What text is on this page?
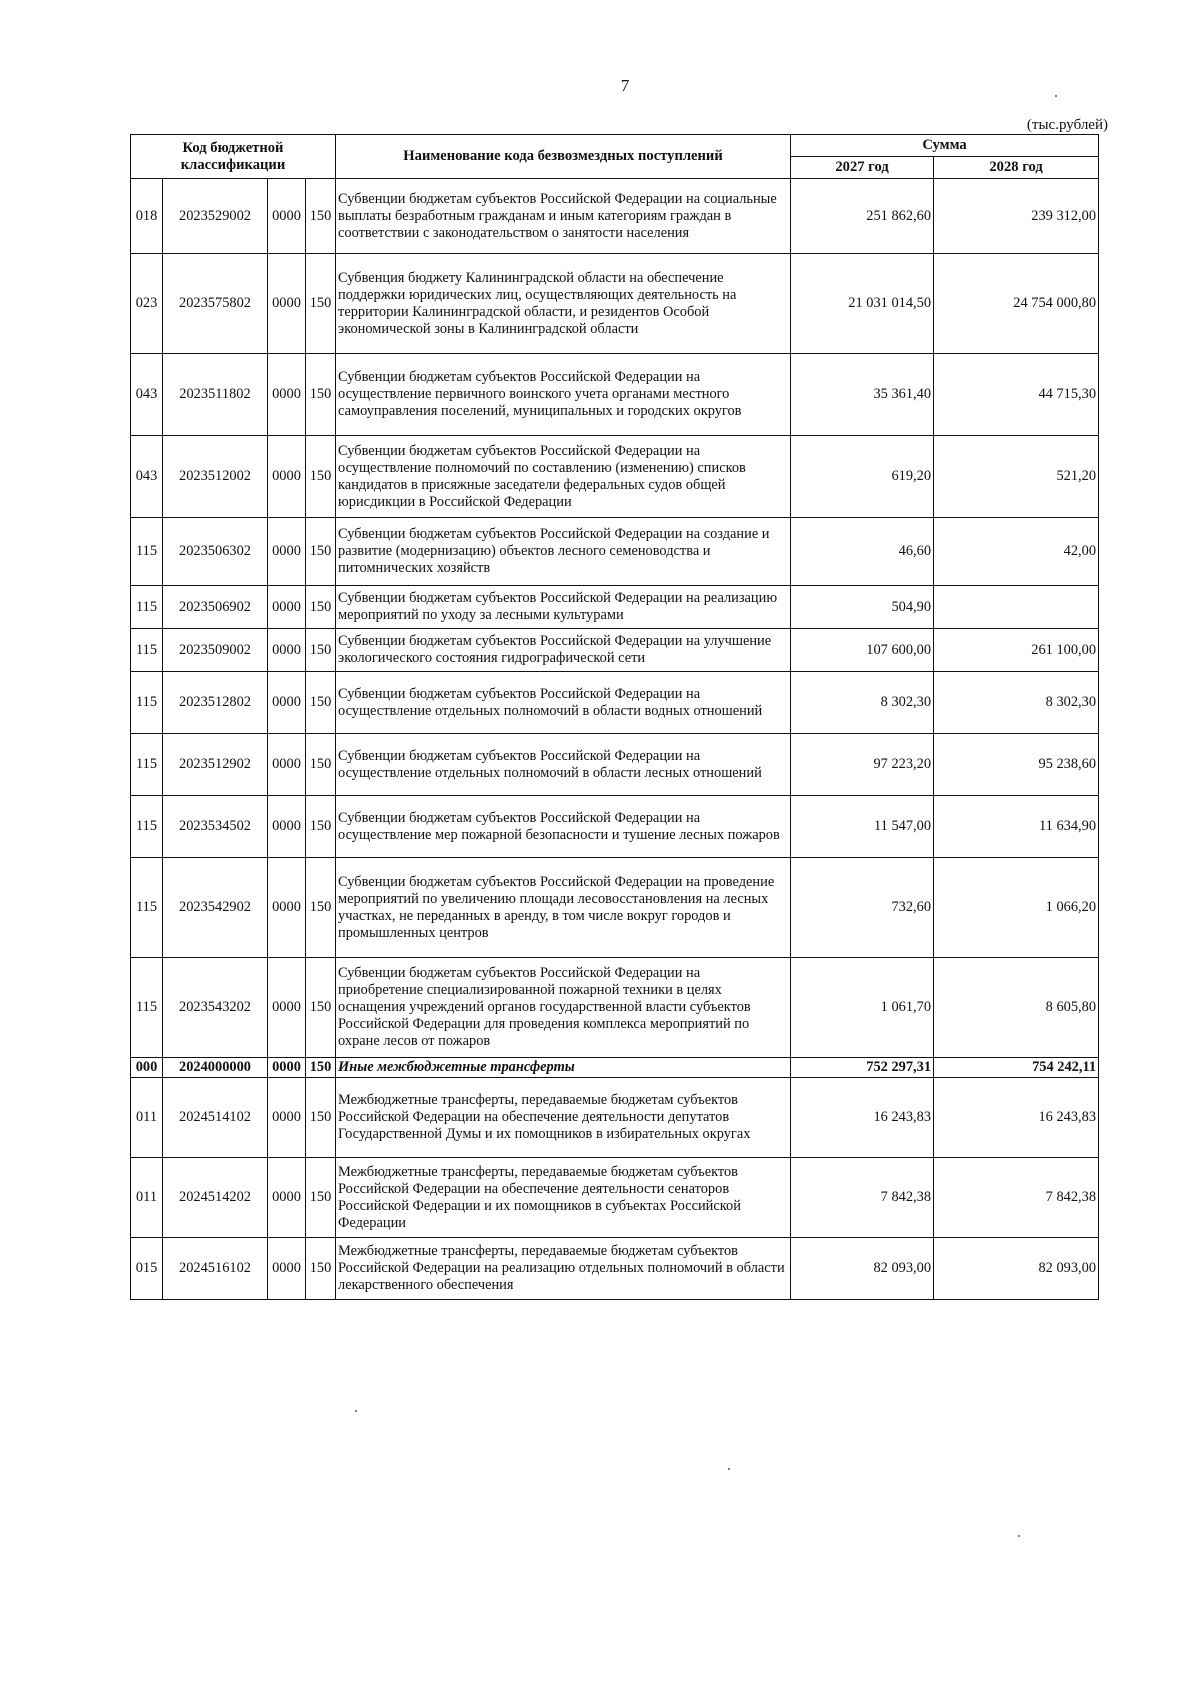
7
(тыс.рублей)
Код бюджетной классификации				Наименование кода безвозмездных поступлений	Сумма	
					2027 год	2028 год
018	2023529002	0000	150	Субвенции бюджетам субъектов Российской Федерации на социальные выплаты безработным гражданам и иным категориям граждан в соответствии с законодательством о занятости населения	251 862,60	239 312,00
023	2023575802	0000	150	Субвенция бюджету Калининградской области на обеспечение поддержки юридических лиц, осуществляющих деятельность на территории Калининградской области, и резидентов Особой экономической зоны в Калининградской области	21 031 014,50	24 754 000,80
043	2023511802	0000	150	Субвенции бюджетам субъектов Российской Федерации на осуществление первичного воинского учета органами местного самоуправления поселений, муниципальных и городских округов	35 361,40	44 715,30
043	2023512002	0000	150	Субвенции бюджетам субъектов Российской Федерации на осуществление полномочий по составлению (изменению) списков кандидатов в присяжные заседатели федеральных судов общей юрисдикции в Российской Федерации	619,20	521,20
115	2023506302	0000	150	Субвенции бюджетам субъектов Российской Федерации на создание и развитие (модернизацию) объектов лесного семеноводства и питомнических хозяйств	46,60	42,00
115	2023506902	0000	150	Субвенции бюджетам субъектов Российской Федерации на реализацию мероприятий по уходу за лесными культурами	504,90	
115	2023509002	0000	150	Субвенции бюджетам субъектов Российской Федерации на улучшение экологического состояния гидрографической сети	107 600,00	261 100,00
115	2023512802	0000	150	Субвенции бюджетам субъектов Российской Федерации на осуществление отдельных полномочий в области водных отношений	8 302,30	8 302,30
115	2023512902	0000	150	Субвенции бюджетам субъектов Российской Федерации на осуществление отдельных полномочий в области лесных отношений	97 223,20	95 238,60
115	2023534502	0000	150	Субвенции бюджетам субъектов Российской Федерации на осуществление мер пожарной безопасности и тушение лесных пожаров	11 547,00	11 634,90
115	2023542902	0000	150	Субвенции бюджетам субъектов Российской Федерации на проведение мероприятий по увеличению площади лесовосстановления на лесных участках, не переданных в аренду, в том числе вокруг городов и промышленных центров	732,60	1 066,20
115	2023543202	0000	150	Субвенции бюджетам субъектов Российской Федерации на приобретение специализированной пожарной техники в целях оснащения учреждений органов государственной власти субъектов Российской Федерации для проведения комплекса мероприятий по охране лесов от пожаров	1 061,70	8 605,80
000	2024000000	0000	150	Иные межбюджетные трансферты	752 297,31	754 242,11
011	2024514102	0000	150	Межбюджетные трансферты, передаваемые бюджетам субъектов Российской Федерации на обеспечение деятельности депутатов Государственной Думы и их помощников в избирательных округах	16 243,83	16 243,83
011	2024514202	0000	150	Межбюджетные трансферты, передаваемые бюджетам субъектов Российской Федерации на обеспечение деятельности сенаторов Российской Федерации и их помощников в субъектах Российской Федерации	7 842,38	7 842,38
015	2024516102	0000	150	Межбюджетные трансферты, передаваемые бюджетам субъектов Российской Федерации на реализацию отдельных полномочий в области лекарственного обеспечения	82 093,00	82 093,00
